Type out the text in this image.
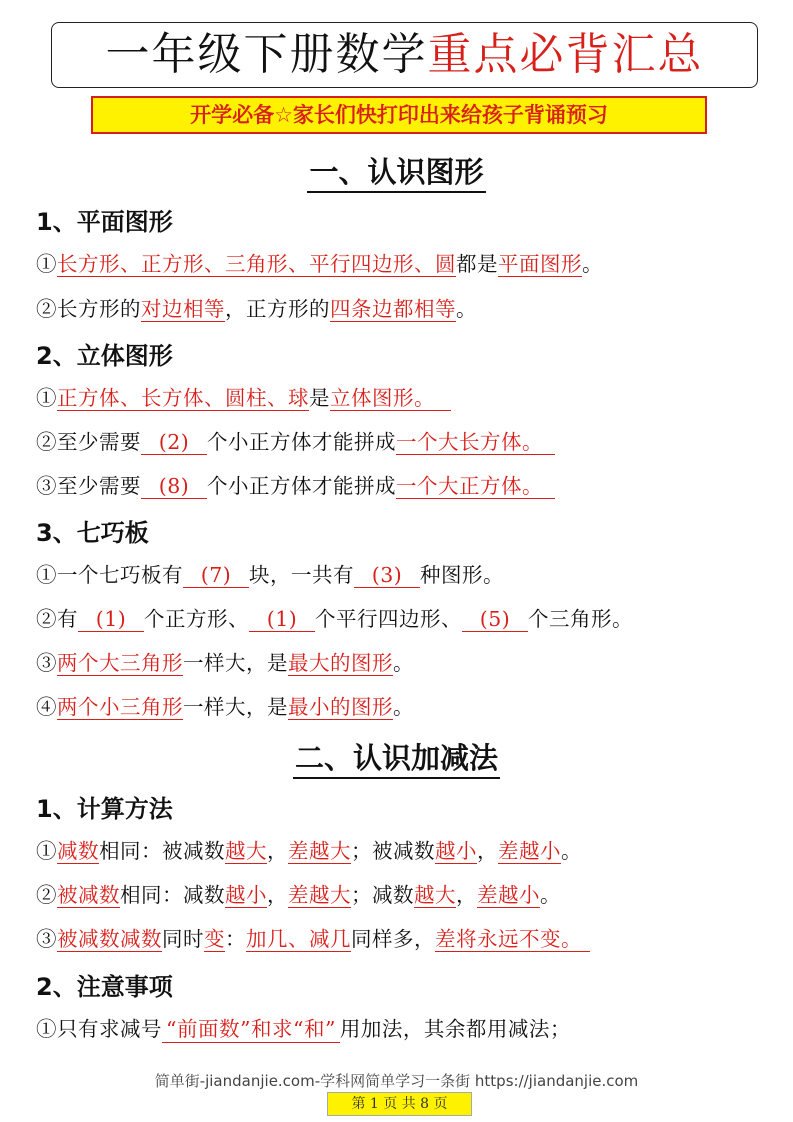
一年级下册数学重点必背汇总
开学必备☆家长们快打印出来给孩子背诵预习
一、认识图形
1、平面图形
①长方形、正方形、三角形、平行四边形、圆都是平面图形。
②长方形的对边相等，正方形的四条边都相等。
2、立体图形
①正方体、长方体、圆柱、球是立体图形。
②至少需要 (2) 个小正方体才能拼成一个大长方体。
③至少需要 (8) 个小正方体才能拼成一个大正方体。
3、七巧板
①一个七巧板有 (7) 块，一共有 (3) 种图形。
②有 (1) 个正方形、 (1) 个平行四边形、 (5) 个三角形。
③两个大三角形一样大，是最大的图形。
④两个小三角形一样大，是最小的图形。
二、认识加减法
1、计算方法
①减数相同：被减数越大，差越大；被减数越小，差越小。
②被减数相同：减数越小，差越大；减数越大，差越小。
③被减数减数同时变：加几、减几同样多，差将永远不变。
2、注意事项
①只有求减号 “前面数”和求“和” 用加法，其余都用减法；
简单街-jiandanjie.com-学科网简单学习一条街 https://jiandanjie.com
第 1 页 共 8 页
